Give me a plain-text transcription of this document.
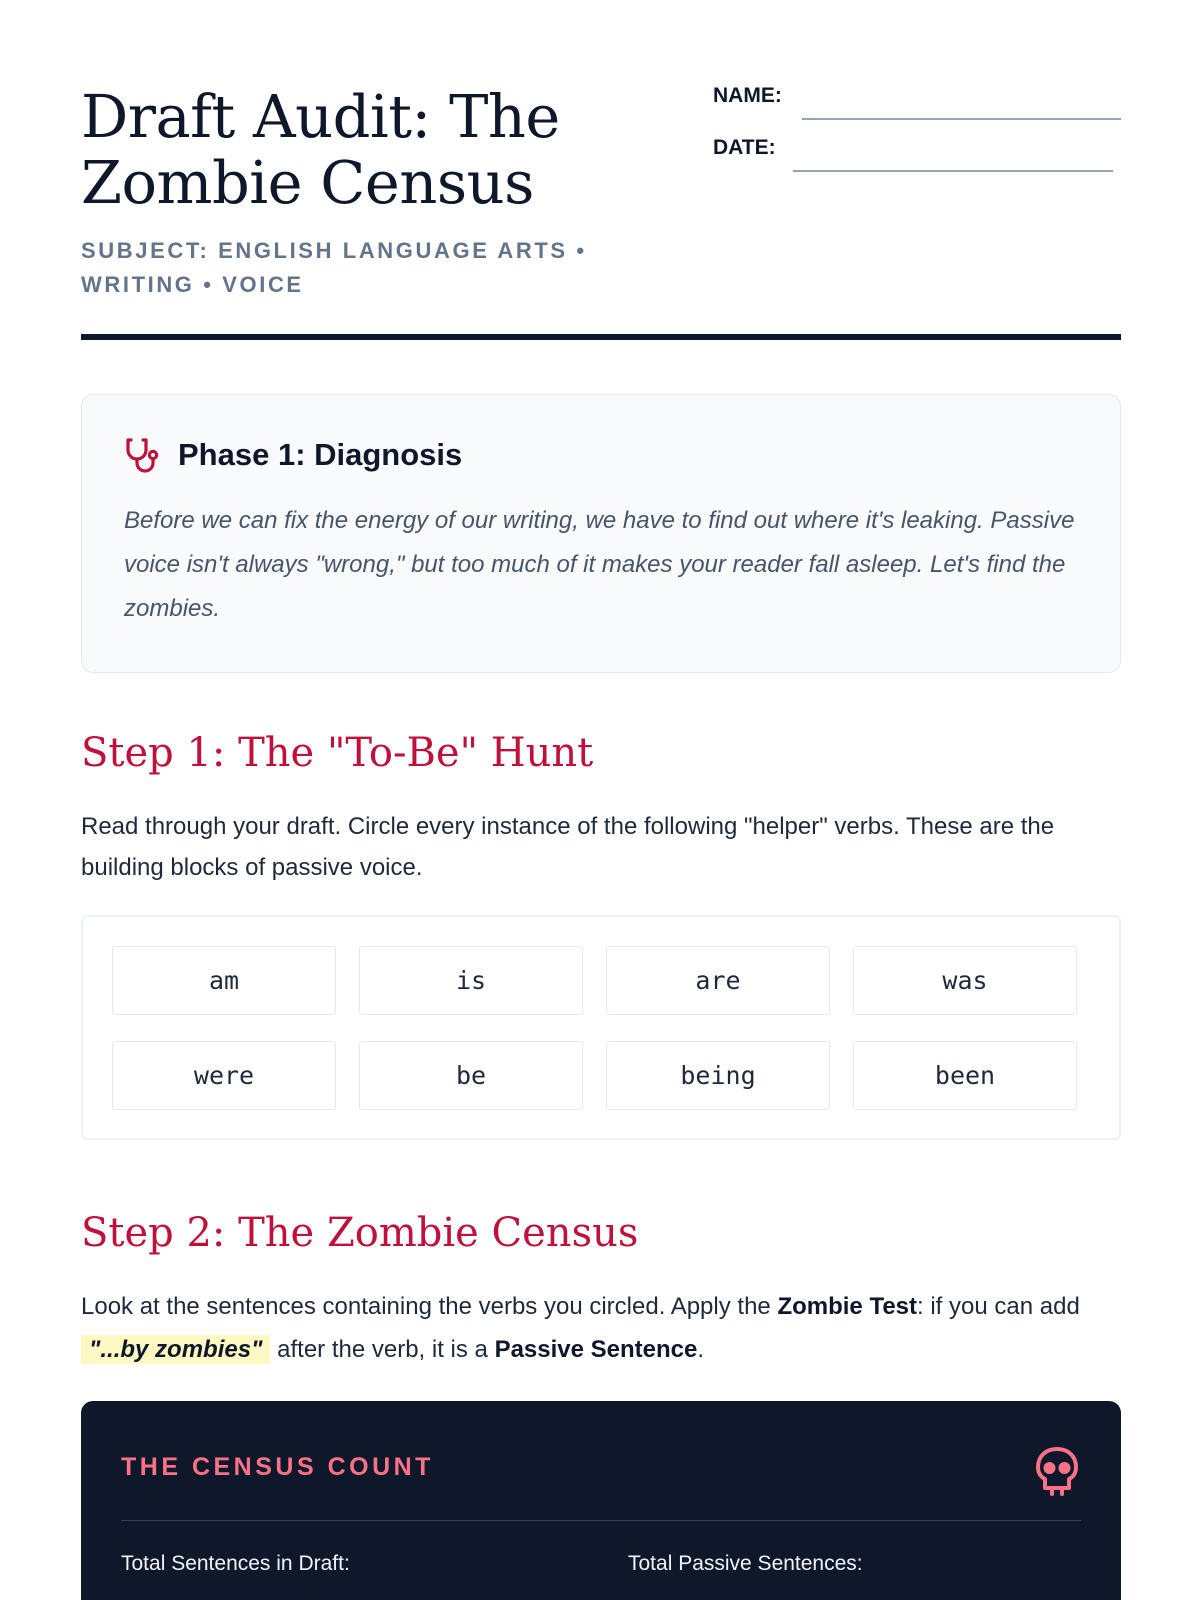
Draft Audit: The
Zombie Census
SUBJECT: ENGLISH LANGUAGE ARTS •
WRITING • VOICE
NAME:
DATE:
Phase 1: Diagnosis

Before we can fix the energy of our writing, we have to find out where it's leaking. Passive voice isn't always "wrong," but too much of it makes your reader fall asleep. Let's find the zombies.

Step 1: The "To-Be" Hunt

Read through your draft. Circle every instance of the following "helper" verbs. These are the building blocks of passive voice.

am	is	are	was
were	be	being	been
Step 2: The Zombie Census

Look at the sentences containing the verbs you circled. Apply the Zombie Test: if you can add "...by zombies" after the verb, it is a Passive Sentence.

THE CENSUS COUNT
Total Sentences in Draft:	Total Passive Sentences:
